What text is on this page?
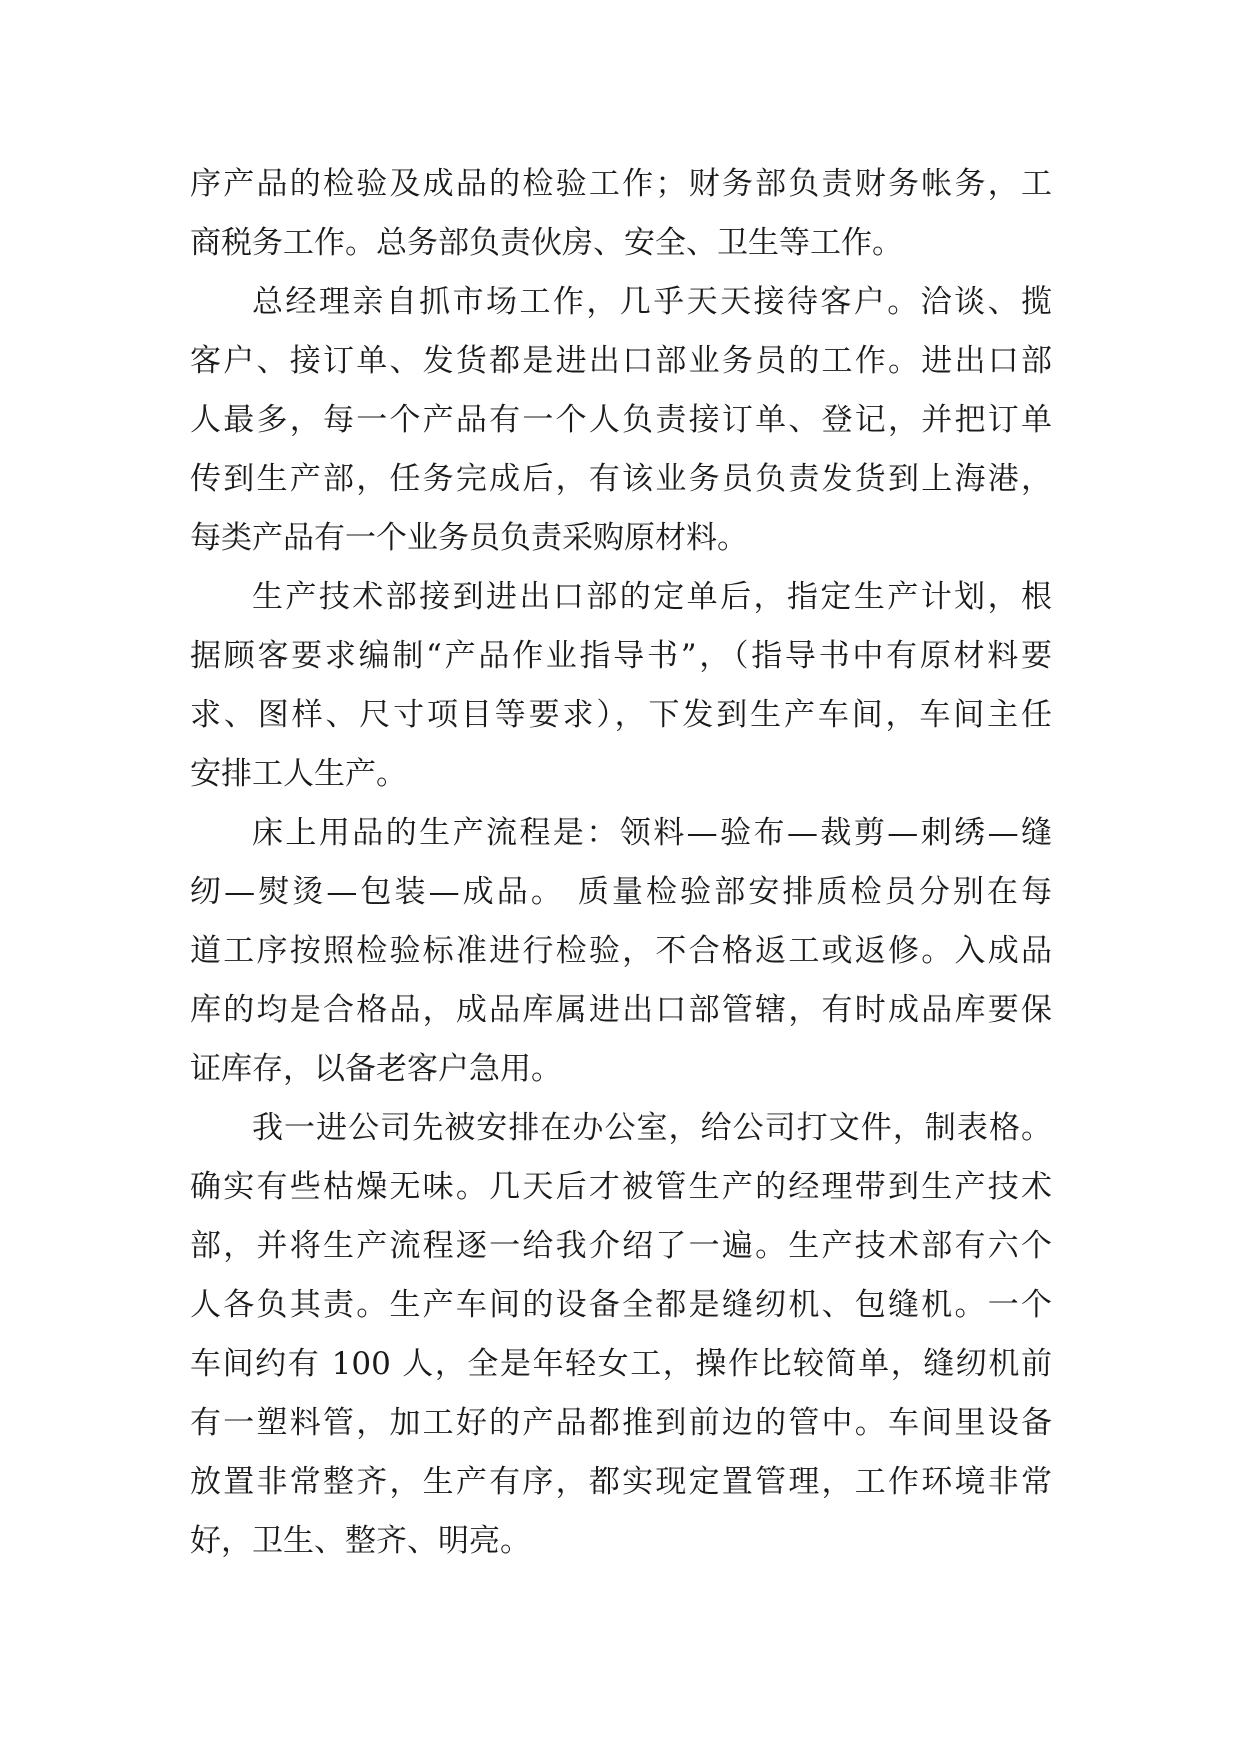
序产品的检验及成品的检验工作；财务部负责财务帐务，工
商税务工作。总务部负责伙房、安全、卫生等工作。
总经理亲自抓市场工作，几乎天天接待客户。洽谈、揽
客户、接订单、发货都是进出口部业务员的工作。进出口部
人最多，每一个产品有一个人负责接订单、登记，并把订单
传到生产部，任务完成后，有该业务员负责发货到上海港，
每类产品有一个业务员负责采购原材料。
生产技术部接到进出口部的定单后，指定生产计划，根
据顾客要求编制“产品作业指导书”，（指导书中有原材料要
求、图样、尺寸项目等要求），下发到生产车间，车间主任
安排工人生产。
床上用品的生产流程是：领料—验布—裁剪—刺绣—缝
纫—熨烫—包装—成品。 质量检验部安排质检员分别在每
道工序按照检验标准进行检验，不合格返工或返修。入成品
库的均是合格品，成品库属进出口部管辖，有时成品库要保
证库存，以备老客户急用。
我一进公司先被安排在办公室，给公司打文件，制表格。
确实有些枯燥无味。几天后才被管生产的经理带到生产技术
部，并将生产流程逐一给我介绍了一遍。生产技术部有六个
人各负其责。生产车间的设备全都是缝纫机、包缝机。一个
车间约有 100 人，全是年轻女工，操作比较简单，缝纫机前
有一塑料管，加工好的产品都推到前边的管中。车间里设备
放置非常整齐，生产有序，都实现定置管理，工作环境非常
好，卫生、整齐、明亮。
